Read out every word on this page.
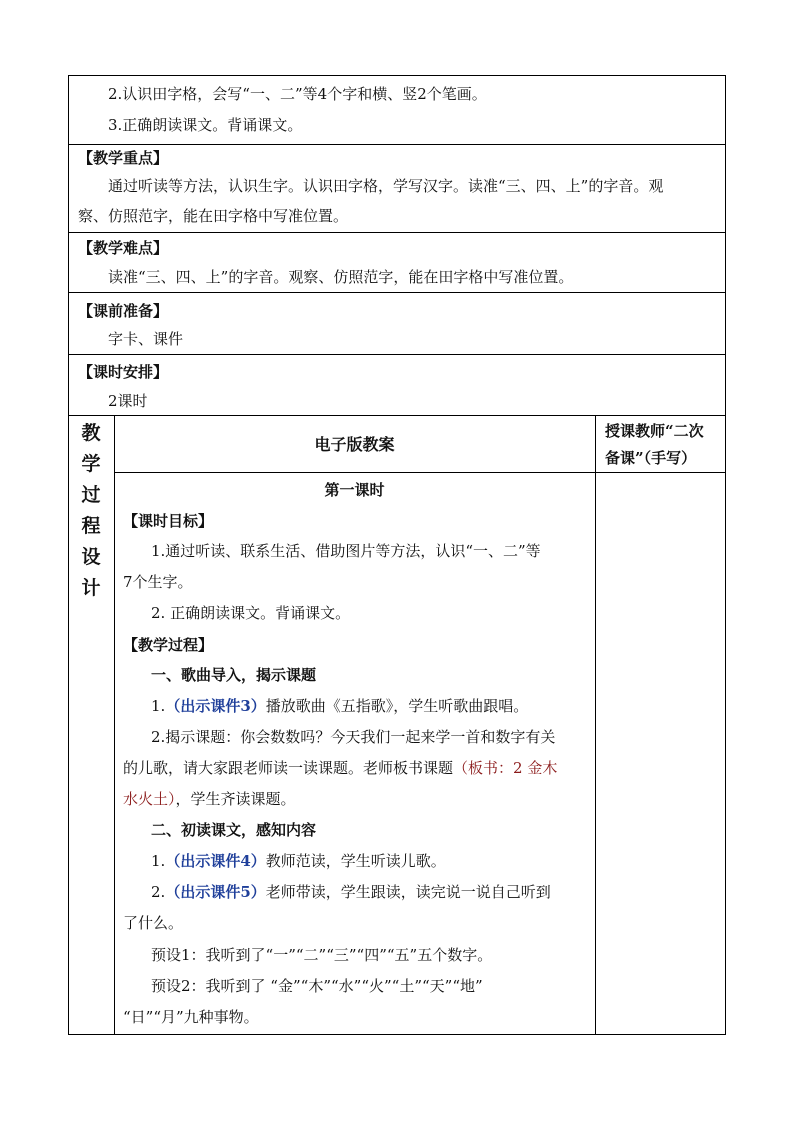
2.认识田字格，会写“一、二”等4个字和横、竖2个笔画。
3.正确朗读课文。背诵课文。
【教学重点】
通过听读等方法，认识生字。认识田字格，学写汉字。读准“三、四、上”的字音。观
察、仿照范字，能在田字格中写准位置。
【教学难点】
读准“三、四、上”的字音。观察、仿照范字，能在田字格中写准位置。
【课前准备】
字卡、课件
【课时安排】
2课时
教
学
过
程
设
计
电子版教案
授课教师“二次
备课”（手写）
第一课时
【课时目标】
1.通过听读、联系生活、借助图片等方法，认识“一、二”等
7个生字。
2. 正确朗读课文。背诵课文。
【教学过程】
一、歌曲导入，揭示课题
1.（出示课件3）播放歌曲《五指歌》，学生听歌曲跟唱。
2.揭示课题：你会数数吗？今天我们一起来学一首和数字有关
的儿歌，请大家跟老师读一读课题。老师板书课题（板书：2 金木
水火土），学生齐读课题。
二、初读课文，感知内容
1.（出示课件4）教师范读，学生听读儿歌。
2.（出示课件5）老师带读，学生跟读，读完说一说自己听到
了什么。
预设1：我听到了“一”“二”“三”“四”“五”五个数字。
预设2：我听到了 “金”“木”“水”“火”“土”“天”“地”
“日”“月”九种事物。
